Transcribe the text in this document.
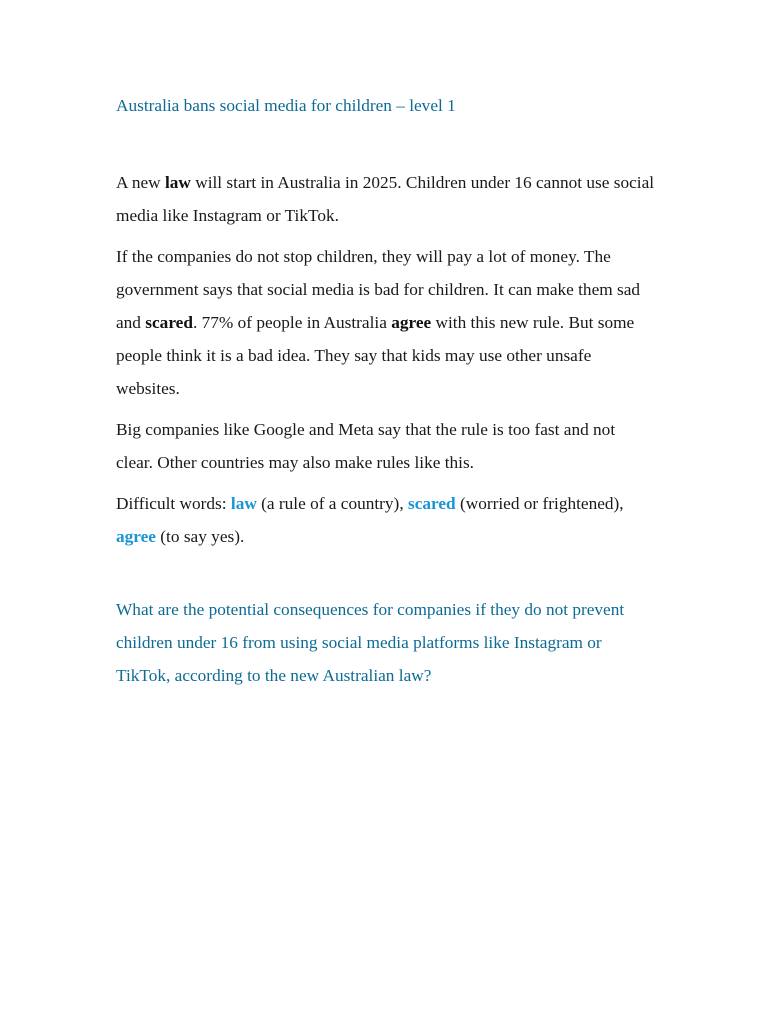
Australia bans social media for children – level 1

A new law will start in Australia in 2025. Children under 16 cannot use social media like Instagram or TikTok.

If the companies do not stop children, they will pay a lot of money. The government says that social media is bad for children. It can make them sad and scared. 77% of people in Australia agree with this new rule. But some people think it is a bad idea. They say that kids may use other unsafe websites.

Big companies like Google and Meta say that the rule is too fast and not clear. Other countries may also make rules like this.

Difficult words: law (a rule of a country), scared (worried or frightened), agree (to say yes).

What are the potential consequences for companies if they do not prevent children under 16 from using social media platforms like Instagram or TikTok, according to the new Australian law?
